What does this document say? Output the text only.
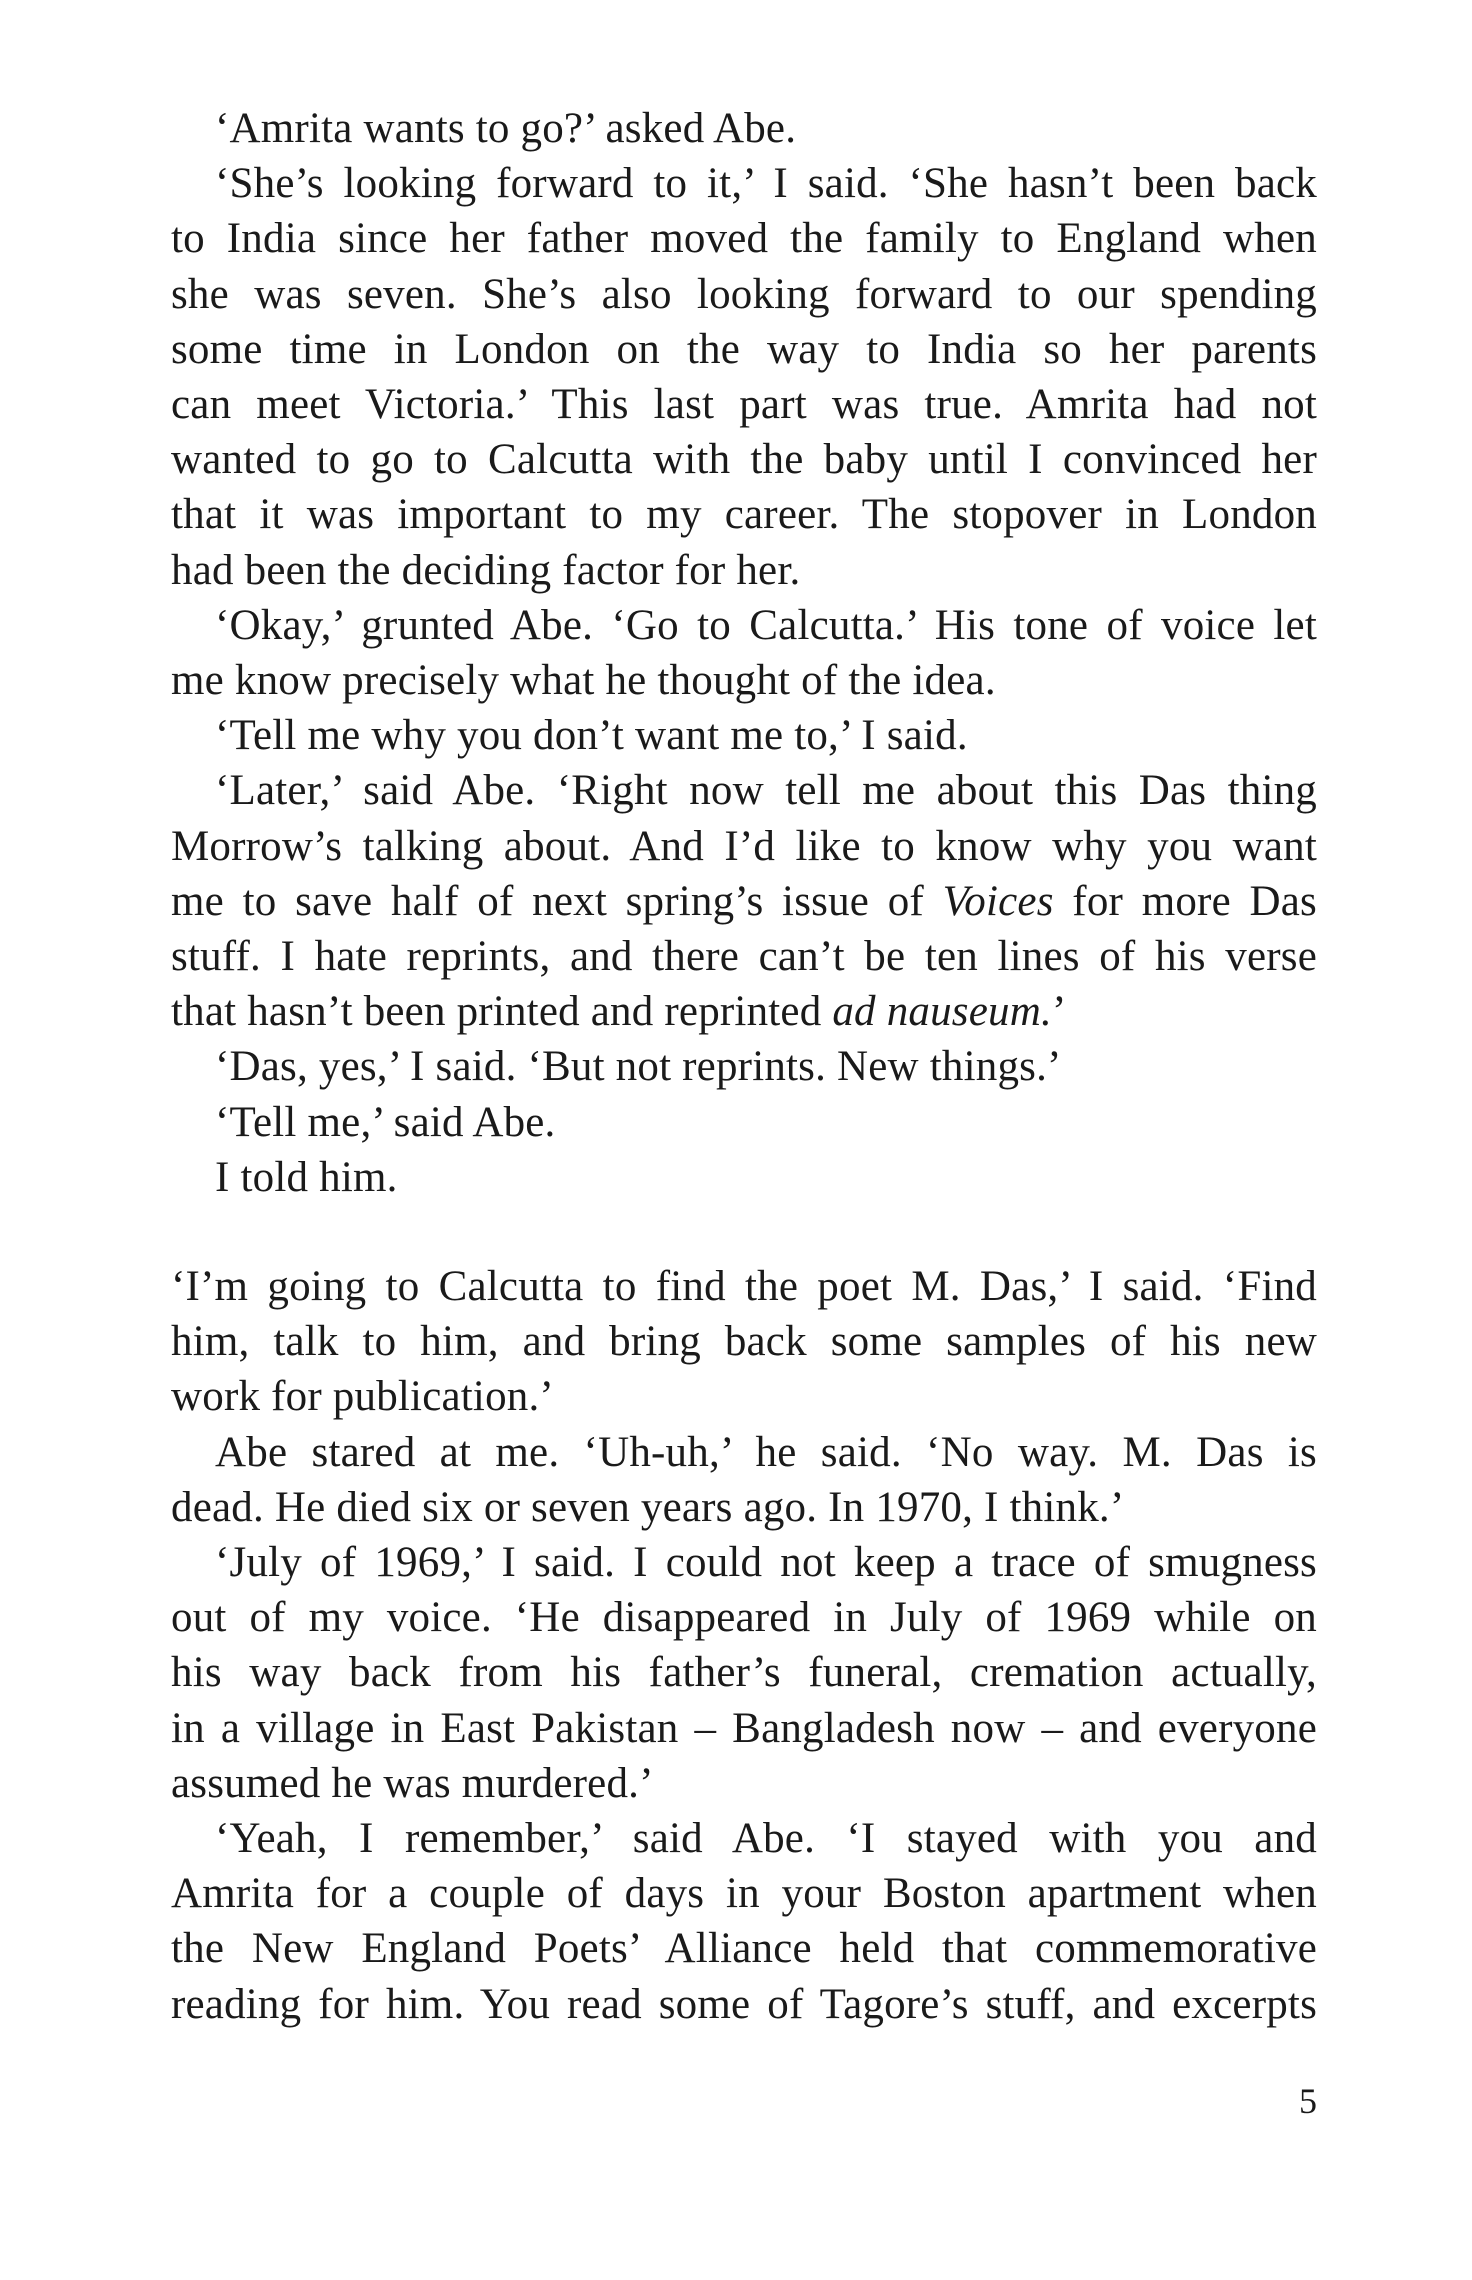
‘Amrita wants to go?’ asked Abe.

‘She’s looking forward to it,’ I said. ‘She hasn’t been back
to India since her father moved the family to England when
she was seven. She’s also looking forward to our spending
some time in London on the way to India so her parents
can meet Victoria.’ This last part was true. Amrita had not
wanted to go to Calcutta with the baby until I convinced her
that it was important to my career. The stopover in London
had been the deciding factor for her.

‘Okay,’ grunted Abe. ‘Go to Calcutta.’ His tone of voice let
me know precisely what he thought of the idea.

‘Tell me why you don’t want me to,’ I said.

‘Later,’ said Abe. ‘Right now tell me about this Das thing
Morrow’s talking about. And I’d like to know why you want
me to save half of next spring’s issue of Voices for more Das
stuff. I hate reprints, and there can’t be ten lines of his verse
that hasn’t been printed and reprinted ad nauseum.’

‘Das, yes,’ I said. ‘But not reprints. New things.’

‘Tell me,’ said Abe.

I told him.

‘I’m going to Calcutta to find the poet M. Das,’ I said. ‘Find
him, talk to him, and bring back some samples of his new
work for publication.’

Abe stared at me. ‘Uh-uh,’ he said. ‘No way. M. Das is
dead. He died six or seven years ago. In 1970, I think.’

‘July of 1969,’ I said. I could not keep a trace of smugness
out of my voice. ‘He disappeared in July of 1969 while on
his way back from his father’s funeral, cremation actually,
in a village in East Pakistan – Bangladesh now – and everyone
assumed he was murdered.’

‘Yeah, I remember,’ said Abe. ‘I stayed with you and
Amrita for a couple of days in your Boston apartment when
the New England Poets’ Alliance held that commemorative
reading for him. You read some of Tagore’s stuff, and excerpts

5
